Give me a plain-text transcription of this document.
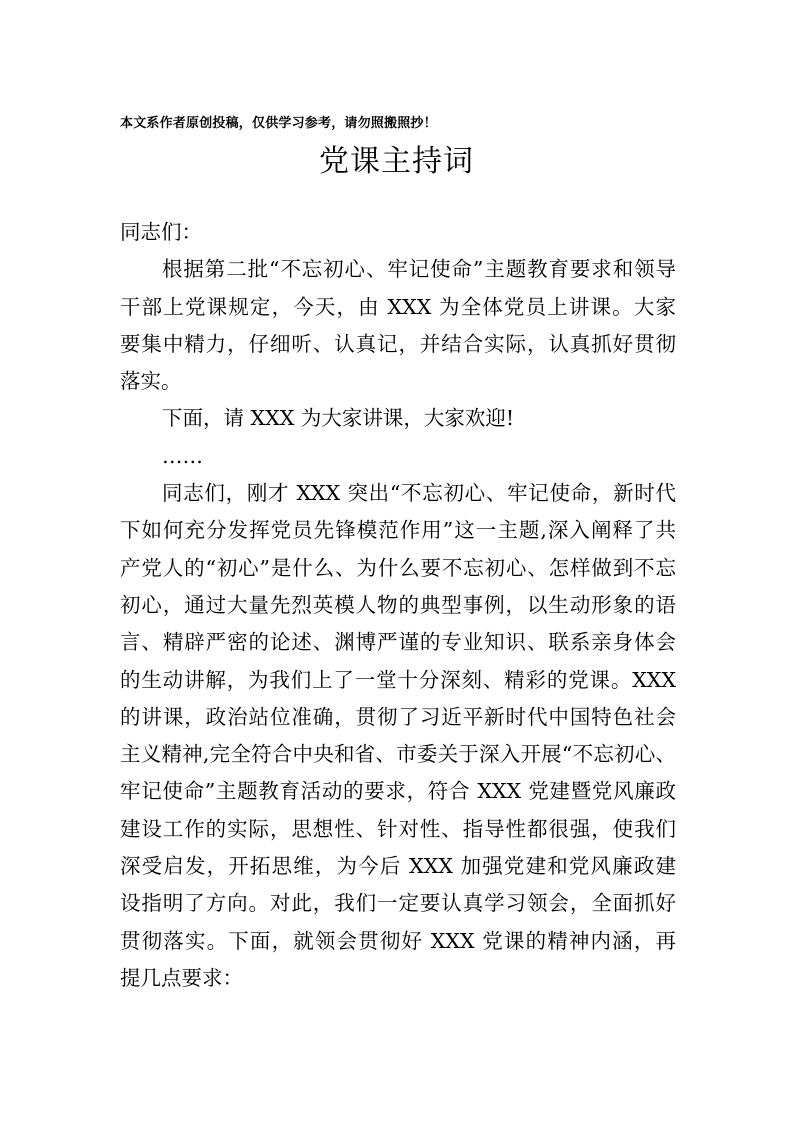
本文系作者原创投稿，仅供学习参考，请勿照搬照抄！
党课主持词
同志们：
根据第二批“不忘初心、牢记使命”主题教育要求和领导
干部上党课规定，今天，由 XXX 为全体党员上讲课。大家
要集中精力，仔细听、认真记，并结合实际，认真抓好贯彻
落实。
下面，请 XXX 为大家讲课，大家欢迎!
……
同志们，刚才 XXX 突出“不忘初心、牢记使命，新时代
下如何充分发挥党员先锋模范作用”这一主题,深入阐释了共
产党人的“初心”是什么、为什么要不忘初心、怎样做到不忘
初心，通过大量先烈英模人物的典型事例，以生动形象的语
言、精辟严密的论述、渊博严谨的专业知识、联系亲身体会
的生动讲解，为我们上了一堂十分深刻、精彩的党课。XXX
的讲课，政治站位准确，贯彻了习近平新时代中国特色社会
主义精神,完全符合中央和省、市委关于深入开展“不忘初心、
牢记使命”主题教育活动的要求，符合 XXX 党建暨党风廉政
建设工作的实际，思想性、针对性、指导性都很强，使我们
深受启发，开拓思维，为今后 XXX 加强党建和党风廉政建
设指明了方向。对此，我们一定要认真学习领会，全面抓好
贯彻落实。下面，就领会贯彻好 XXX 党课的精神内涵，再
提几点要求：
